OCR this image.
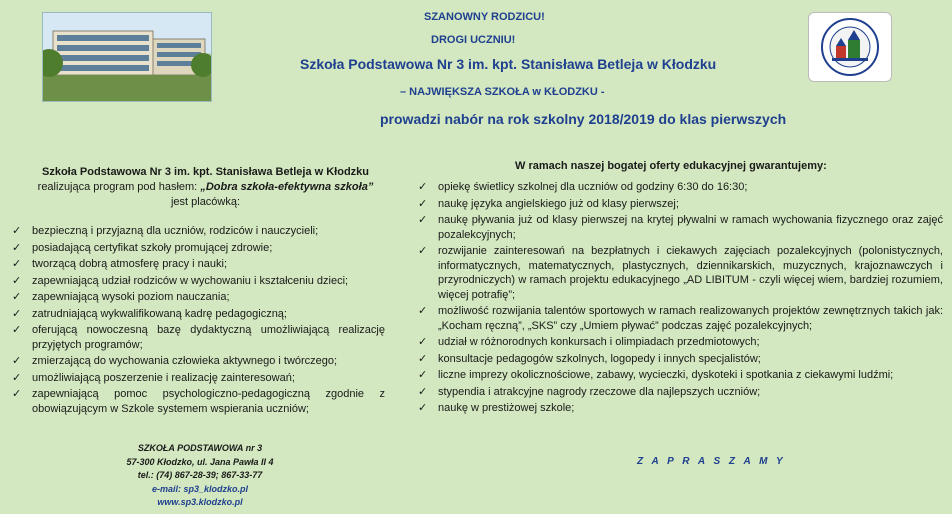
SZANOWNY RODZICU!
DROGI UCZNIU!
Szkoła Podstawowa Nr 3 im. kpt. Stanisława Betleja w Kłodzku
– NAJWIĘKSZA SZKOŁA w KŁODZKU -
prowadzi nabór na rok szkolny 2018/2019 do klas pierwszych
Szkoła Podstawowa Nr 3 im. kpt. Stanisława Betleja w Kłodzku
realizująca program pod hasłem: „Dobra szkoła-efektywna szkoła”
jest placówką:
✓ bezpieczną i przyjazną dla uczniów, rodziców i nauczycieli;
✓ posiadającą certyfikat szkoły promującej zdrowie;
✓ tworzącą dobrą atmosferę pracy i nauki;
✓ zapewniającą udział rodziców w wychowaniu i kształceniu dzieci;
✓ zapewniającą wysoki poziom nauczania;
✓ zatrudniającą wykwalifikowaną kadrę pedagogiczną;
✓ oferującą nowoczesną bazę dydaktyczną umożliwiającą realizację przyjętych programów;
✓ zmierzającą do wychowania człowieka aktywnego i twórczego;
✓ umożliwiającą poszerzenie i realizację zainteresowań;
✓ zapewniającą pomoc psychologiczno-pedagogiczną zgodnie z obowiązującym w Szkole systemem wspierania uczniów;
W ramach naszej bogatej oferty edukacyjnej gwarantujemy:
✓ opiekę świetlicy szkolnej dla uczniów od godziny 6:30 do 16:30;
✓ naukę języka angielskiego już od klasy pierwszej;
✓ naukę pływania już od klasy pierwszej na krytej pływalni w ramach wychowania fizycznego oraz zajęć pozalekcyjnych;
✓ rozwijanie zainteresowań na bezpłatnych i ciekawych zajęciach pozalekcyjnych (polonistycznych, informatycznych, matematycznych, plastycznych, dziennikarskich, muzycznych, krajoznawczych i przyrodniczych) w ramach projektu edukacyjnego „AD LIBITUM - czyli więcej wiem, bardziej rozumiem, więcej potrafię”;
✓ możliwość rozwijania talentów sportowych w ramach realizowanych projektów zewnętrznych takich jak: „Kocham ręczną”, „SKS” czy „Umiem pływać” podczas zajęć pozalekcyjnych;
✓ udział w różnorodnych konkursach i olimpiadach przedmiotowych;
✓ konsultacje pedagogów szkolnych, logopedy i innych specjalistów;
✓ liczne imprezy okolicznościowe, zabawy, wycieczki, dyskoteki i spotkania z ciekawymi ludźmi;
✓ stypendia i atrakcyjne nagrody rzeczowe dla najlepszych uczniów;
✓ naukę w prestiżowej szkole;
SZKOŁA PODSTAWOWA nr 3
57-300 Kłodzko, ul. Jana Pawła II 4
tel.: (74) 867-28-39; 867-33-77
e-mail: sp3_klodzko.pl
www.sp3.klodzko.pl
Z A P R A S Z A M Y
